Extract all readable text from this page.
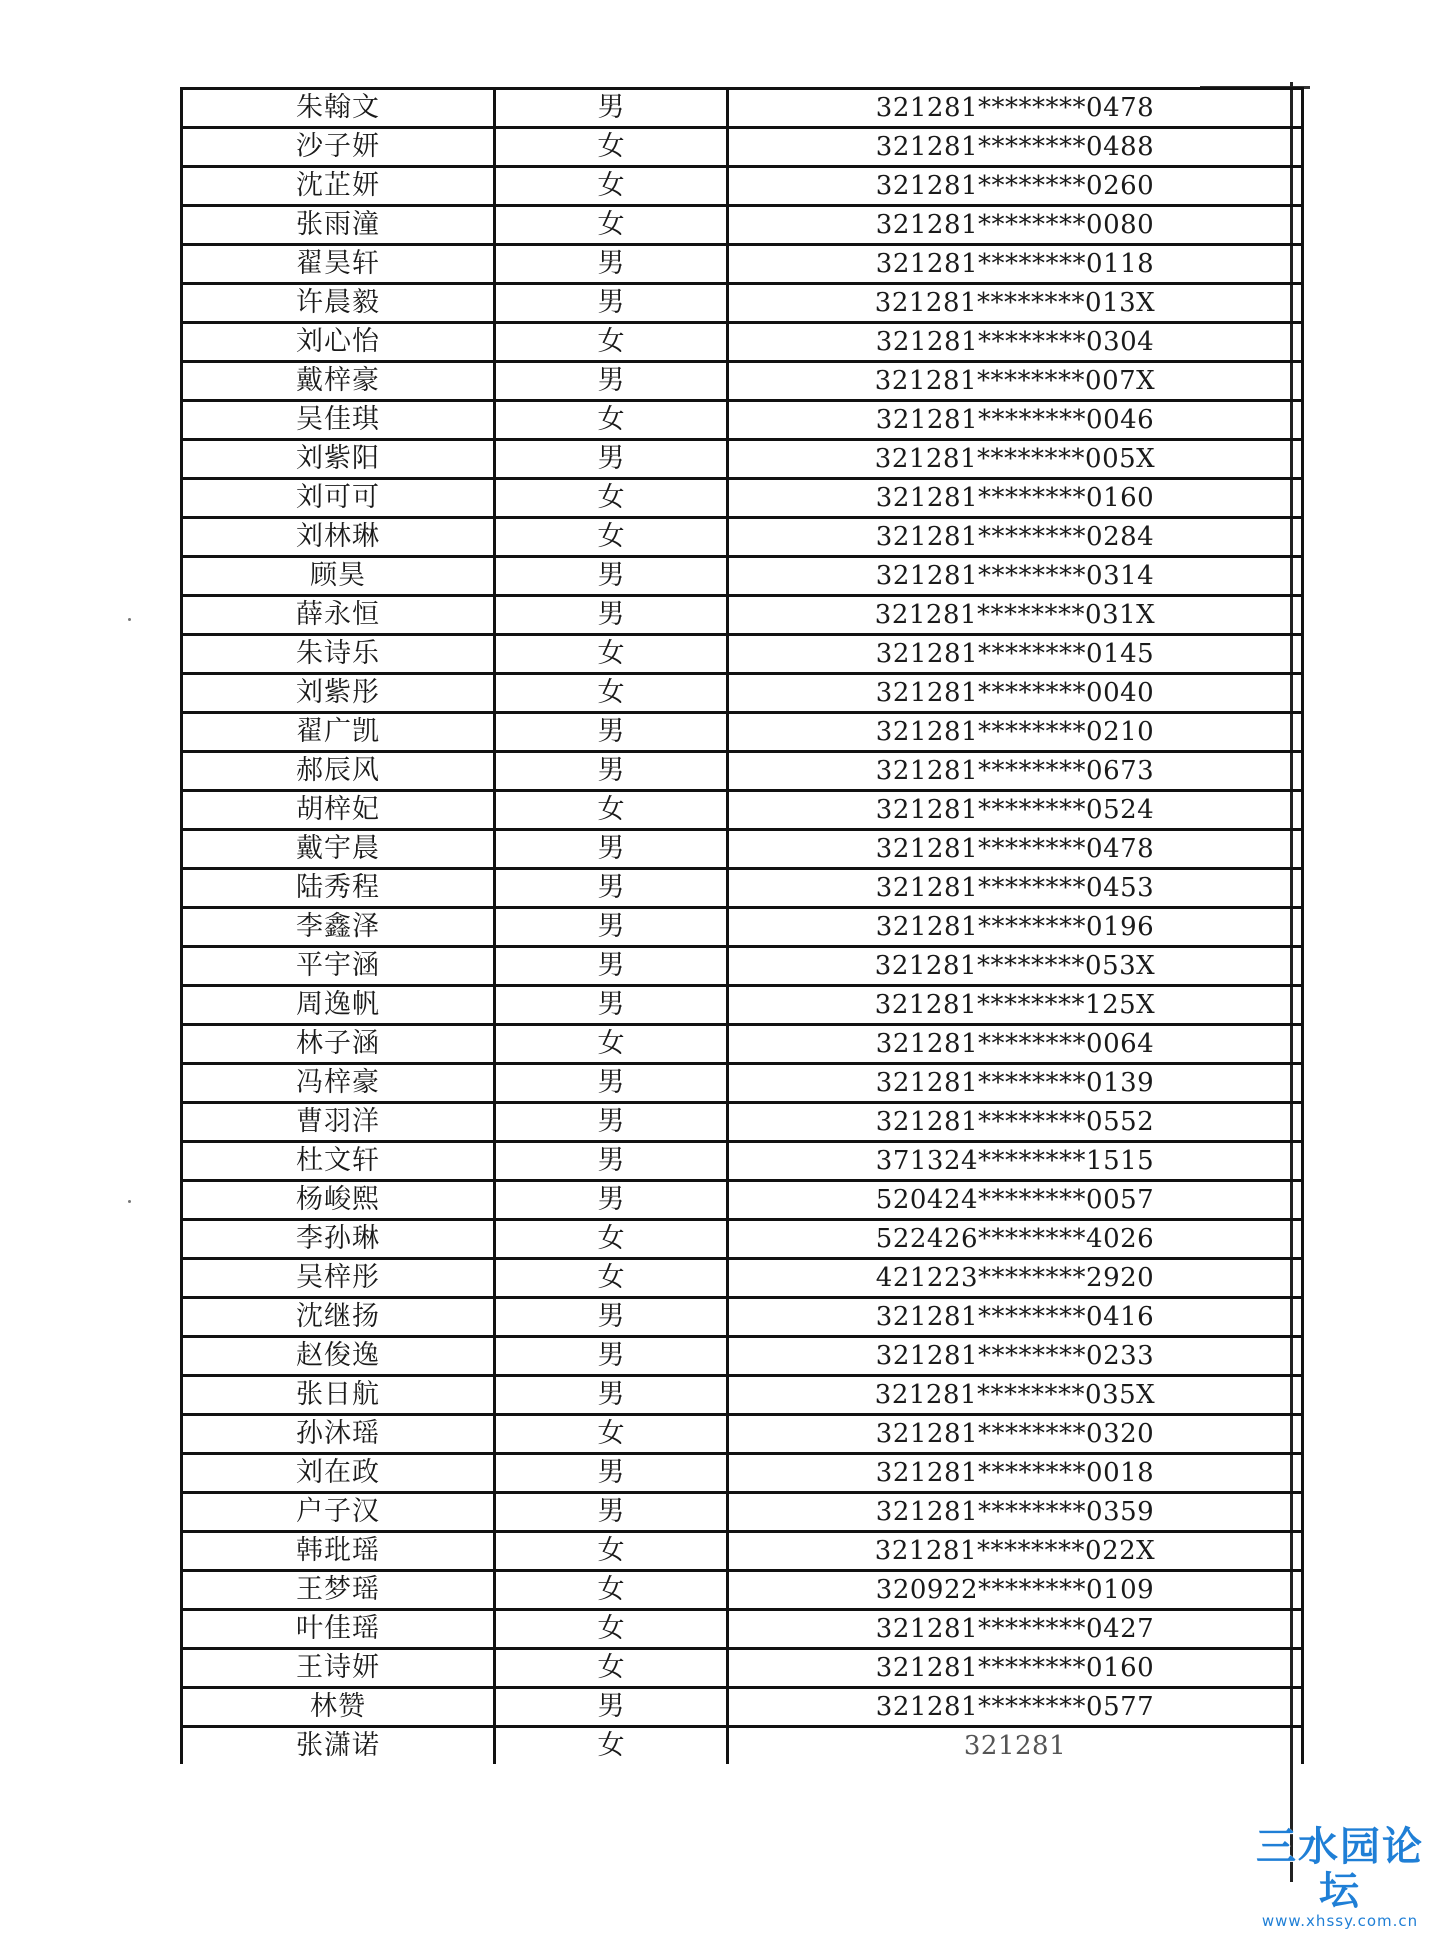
朱翰文	男	321281********0478
沙子妍	女	321281********0488
沈芷妍	女	321281********0260
张雨潼	女	321281********0080
翟昊轩	男	321281********0118
许晨毅	男	321281********013X
刘心怡	女	321281********0304
戴梓豪	男	321281********007X
吴佳琪	女	321281********0046
刘紫阳	男	321281********005X
刘可可	女	321281********0160
刘林琳	女	321281********0284
顾昊	男	321281********0314
薛永恒	男	321281********031X
朱诗乐	女	321281********0145
刘紫彤	女	321281********0040
翟广凯	男	321281********0210
郝辰风	男	321281********0673
胡梓妃	女	321281********0524
戴宇晨	男	321281********0478
陆秀程	男	321281********0453
李鑫泽	男	321281********0196
平宇涵	男	321281********053X
周逸帆	男	321281********125X
林子涵	女	321281********0064
冯梓豪	男	321281********0139
曹羽洋	男	321281********0552
杜文轩	男	371324********1515
杨峻熙	男	520424********0057
李孙琳	女	522426********4026
吴梓彤	女	421223********2920
沈继扬	男	321281********0416
赵俊逸	男	321281********0233
张日航	男	321281********035X
孙沐瑶	女	321281********0320
刘在政	男	321281********0018
户子汉	男	321281********0359
韩玭瑶	女	321281********022X
王梦瑶	女	320922********0109
叶佳瑶	女	321281********0427
王诗妍	女	321281********0160
林赞	男	321281********0577
张潇诺	女	321281
三水园论坛
www.xhssy.com.cn
